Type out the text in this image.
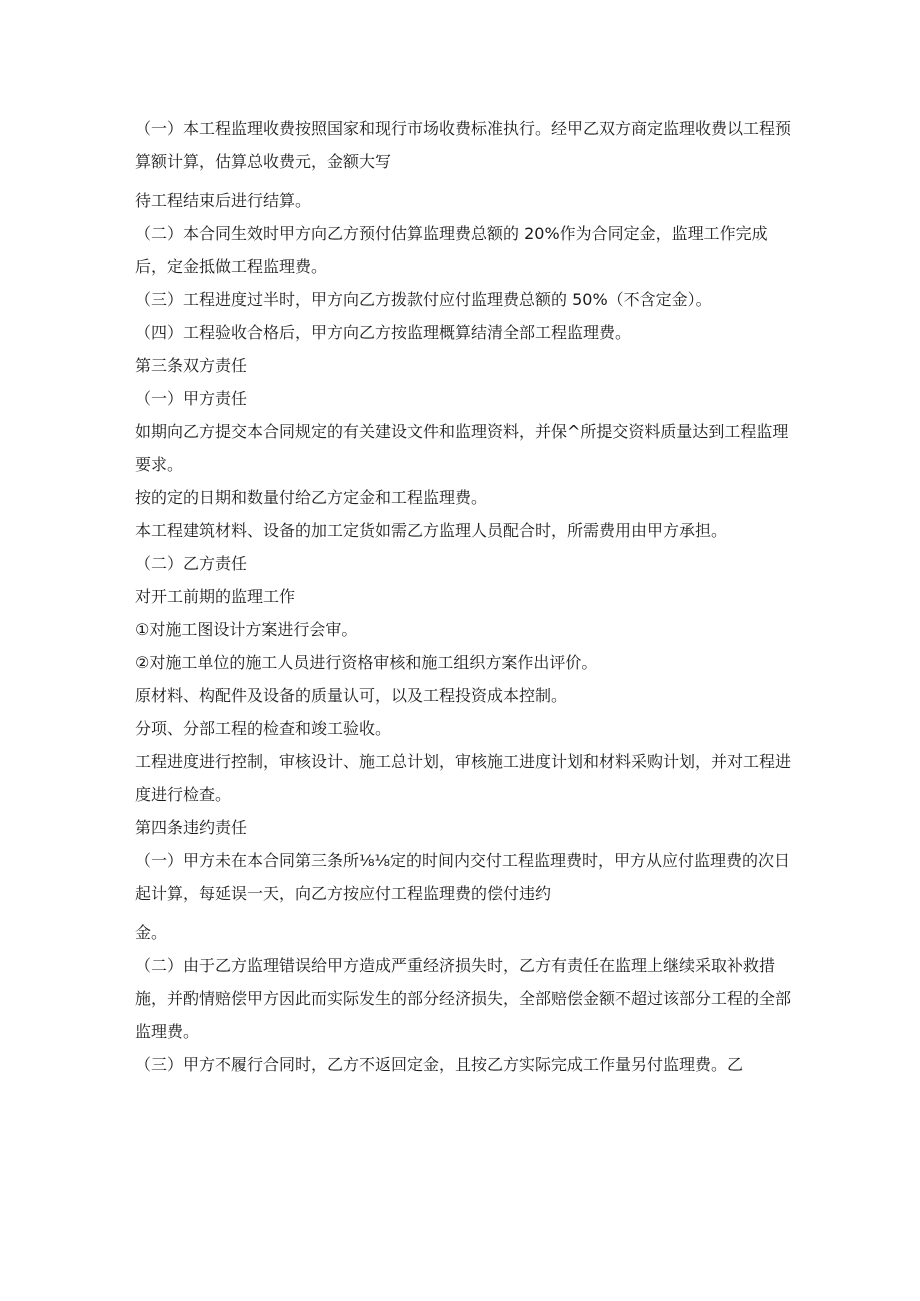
（一）本工程监理收费按照国家和现行市场收费标准执行。经甲乙双方商定监理收费以工程预算额计算，估算总收费元，金额大写

待工程结束后进行结算。

（二）本合同生效时甲方向乙方预付估算监理费总额的 20%作为合同定金，监理工作完成后，定金抵做工程监理费。

（三）工程进度过半时，甲方向乙方拨款付应付监理费总额的 50%（不含定金）。

（四）工程验收合格后，甲方向乙方按监理概算结清全部工程监理费。

第三条双方责任

（一）甲方责任

如期向乙方提交本合同规定的有关建设文件和监理资料，并保^所提交资料质量达到工程监理要求。

按的定的日期和数量付给乙方定金和工程监理费。

本工程建筑材料、设备的加工定货如需乙方监理人员配合时，所需费用由甲方承担。

（二）乙方责任

对开工前期的监理工作

①对施工图设计方案进行会审。

②对施工单位的施工人员进行资格审核和施工组织方案作出评价。

原材料、构配件及设备的质量认可，以及工程投资成本控制。

分项、分部工程的检查和竣工验收。

工程进度进行控制，审核设计、施工总计划，审核施工进度计划和材料采购计划，并对工程进度进行检查。

第四条违约责任

（一）甲方未在本合同第三条所⅛⅛定的时间内交付工程监理费时，甲方从应付监理费的次日起计算，每延误一天，向乙方按应付工程监理费的偿付违约

金。

（二）由于乙方监理错误给甲方造成严重经济损失时，乙方有责任在监理上继续采取补救措施，并酌情赔偿甲方因此而实际发生的部分经济损失，全部赔偿金额不超过该部分工程的全部监理费。

（三）甲方不履行合同时，乙方不返回定金，且按乙方实际完成工作量另付监理费。乙
